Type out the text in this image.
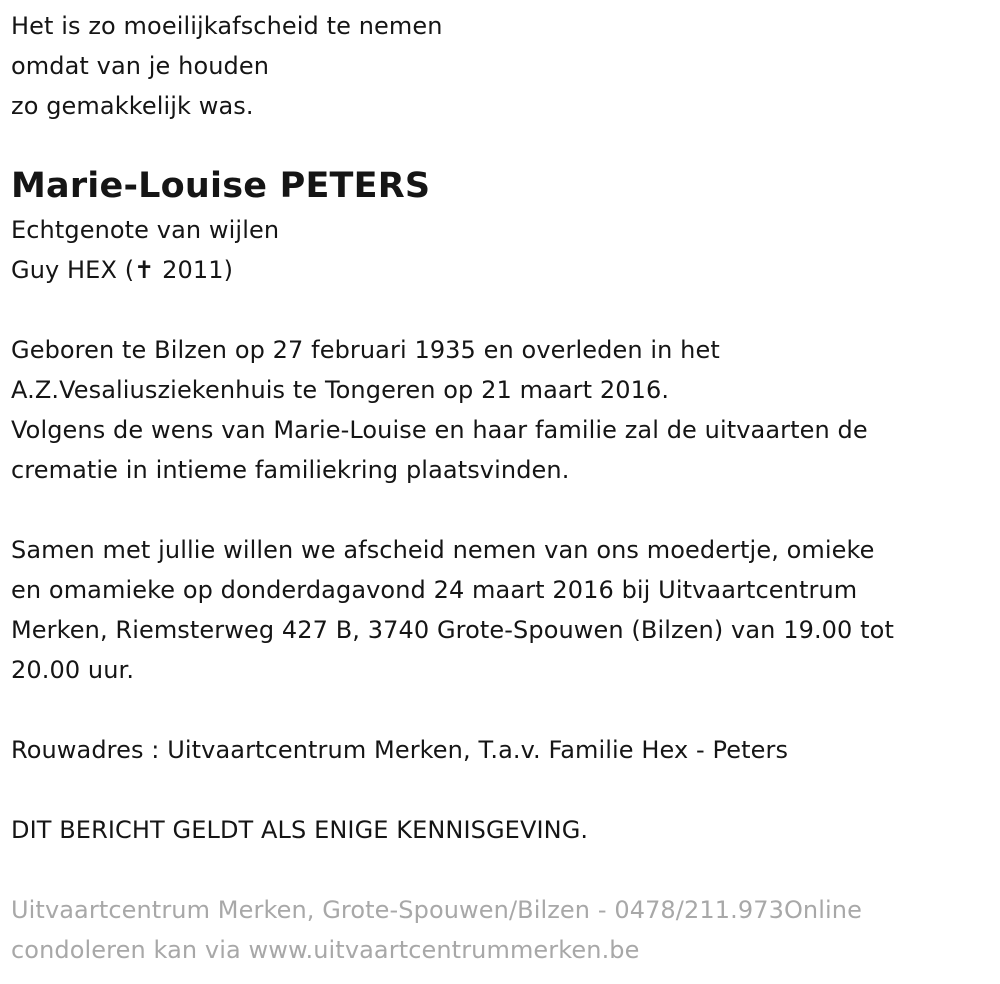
Het is zo moeilijkafscheid te nemen
omdat van je houden
zo gemakkelijk was.
Marie-Louise PETERS
Echtgenote van wijlen
Guy HEX (✝ 2011)
Geboren te Bilzen op 27 februari 1935 en overleden in het
A.Z.Vesaliusziekenhuis te Tongeren op 21 maart 2016.
Volgens de wens van Marie-Louise en haar familie zal de uitvaarten de
crematie in intieme familiekring plaatsvinden.
Samen met jullie willen we afscheid nemen van ons moedertje, omieke
en omamieke op donderdagavond 24 maart 2016 bij Uitvaartcentrum
Merken, Riemsterweg 427 B, 3740 Grote-Spouwen (Bilzen) van 19.00 tot
20.00 uur.
Rouwadres : Uitvaartcentrum Merken, T.a.v. Familie Hex - Peters
DIT BERICHT GELDT ALS ENIGE KENNISGEVING.
Uitvaartcentrum Merken, Grote-Spouwen/Bilzen - 0478/211.973Online
condoleren kan via www.uitvaartcentrummerken.be
